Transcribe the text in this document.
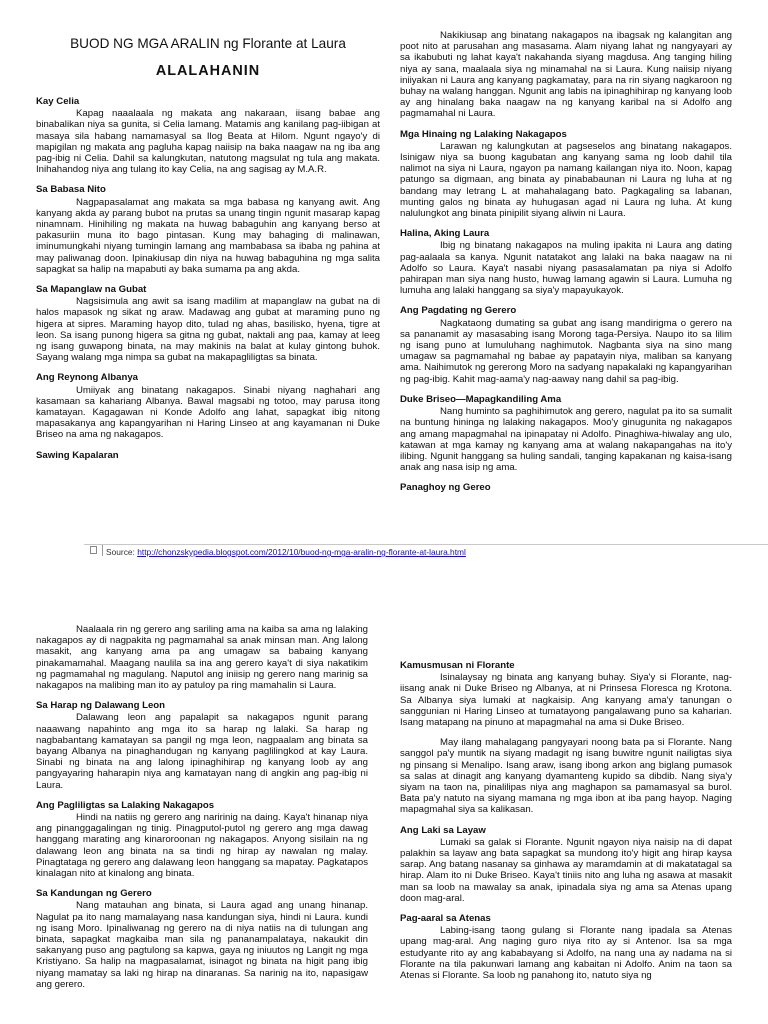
BUOD NG MGA ARALIN ng Florante at Laura
ALALAHANIN
Kay Celia
Kapag naaalaala ng makata ang nakaraan, iisang babae ang binabalikan niya sa gunita, si Celia lamang. Matamis ang kanilang pag-iibigan at masaya sila habang namamasyal sa Ilog Beata at Hilom. Ngunt ngayo'y di mapigilan ng makata ang pagluha kapag naiisip na baka naagaw na ng iba ang pag-ibig ni Celia. Dahil sa kalungkutan, natutong magsulat ng tula ang makata. Inihahandog niya ang tulang ito kay Celia, na ang sagisag ay M.A.R.
Sa Babasa Nito
Nagpapasalamat ang makata sa mga babasa ng kanyang awit. Ang kanyang akda ay parang bubot na prutas sa unang tingin ngunit masarap kapag ninamnam. Hinihiling ng makata na huwag babaguhin ang kanyang berso at pakasuriin muna ito bago pintasan. Kung may bahaging di malinawan, iminumungkahi niyang tumingin lamang ang mambabasa sa ibaba ng pahina at may paliwanag doon. Ipinakiusap din niya na huwag babaguhina ng mga salita sapagkat sa halip na mapabuti ay baka sumama pa ang akda.
Sa Mapanglaw na Gubat
Nagsisimula ang awit sa isang madilim at mapanglaw na gubat na di halos mapasok ng sikat ng araw. Madawag ang gubat at maraming puno ng higera at sipres. Maraming hayop dito, tulad ng ahas, basilisko, hyena, tigre at leon. Sa isang punong higera sa gitna ng gubat, naktali ang paa, kamay at leeg ng isang guwapong binata, na may makinis na balat at kulay gintong buhok. Sayang walang mga nimpa sa gubat na makapagliligtas sa binata.
Ang Reynong Albanya
Umiiyak ang binatang nakagapos. Sinabi niyang naghahari ang kasamaan sa kahariang Albanya. Bawal magsabi ng totoo, may parusa itong kamatayan. Kagagawan ni Konde Adolfo ang lahat, sapagkat ibig nitong mapasakanya ang kapangyarihan ni Haring Linseo at ang kayamanan ni Duke Briseo na ama ng nakagapos.
Sawing Kapalaran
Nakikiusap ang binatang nakagapos na ibagsak ng kalangitan ang poot nito at parusahan ang masasama. Alam niyang lahat ng nangyayari ay sa ikabubuti ng lahat kaya't nakahanda siyang magdusa. Ang tanging hiling niya ay sana, maalaala siya ng minamahal na si Laura. Kung naiisip niyang iniiyakan ni Laura ang kanyang pagkamatay, para na rin siyang nagkaroon ng buhay na walang hanggan. Ngunit ang labis na ipinaghihirap ng kanyang loob ay ang hinalang baka naagaw na ng kanyang karibal na si Adolfo ang pagmamahal ni Laura.
Mga Hinaing ng Lalaking Nakagapos
Larawan ng kalungkutan at pagseselos ang binatang nakagapos. Isinigaw niya sa buong kagubatan ang kanyang sama ng loob dahil tila nalimot na siya ni Laura, ngayon pa namang kailangan niya ito. Noon, kapag patungo sa digmaan, ang binata ay pinababaunan ni Laura ng luha at ng bandang may letrang L at mahahalagang bato. Pagkagaling sa labanan, munting galos ng binata ay huhugasan agad ni Laura ng luha. At kung nalulungkot ang binata pinipilit siyang aliwin ni Laura.
Halina, Aking Laura
Ibig ng binatang nakagapos na muling ipakita ni Laura ang dating pag-aalaala sa kanya. Ngunit natatakot ang lalaki na baka naagaw na ni Adolfo so Laura. Kaya't nasabi niyang pasasalamatan pa niya si Adolfo pahirapan man siya nang husto, huwag lamang agawin si Laura. Lumuha ng lumuha ang lalaki hanggang sa siya'y mapayukayok.
Ang Pagdating ng Gerero
Nagkataong dumating sa gubat ang isang mandirigma o gerero na sa pananamit ay masasabing isang Morong taga-Persiya. Naupo ito sa lilim ng isang puno at lumuluhang naghimutok. Nagbanta siya na sino mang umagaw sa pagmamahal ng babae ay papatayin niya, maliban sa kanyang ama. Naihimutok ng gererong Moro na sadyang napakalaki ng kapangyarihan ng pag-ibig. Kahit mag-aama'y nag-aaway nang dahil sa pag-ibig.
Duke Briseo—Mapagkandiling Ama
Nang huminto sa paghihimutok ang gerero, nagulat pa ito sa sumalit na buntung hininga ng lalaking nakagapos. Moo'y ginugunita ng nakagapos ang amang mapagmahal na ipinapatay ni Adolfo. Pinaghiwa-hiwalay ang ulo, katawan at mga kamay ng kanyang ama at walang nakapangahas na ito'y ilibing. Ngunit hanggang sa huling sandali, tanging kapakanan ng kaisa-isang anak ang nasa isip ng ama.
Panaghoy ng Gereo
Source: http://chonzskypedia.blogspot.com/2012/10/buod-ng-mga-aralin-ng-florante-at-laura.html
Naalaala rin ng gerero ang sariling ama na kaiba sa ama ng lalaking nakagapos ay di nagpakita ng pagmamahal sa anak minsan man. Ang lalong masakit, ang kanyang ama pa ang umagaw sa babaing kanyang pinakamamahal. Maagang naulila sa ina ang gerero kaya't di siya nakatikim ng pagmamahal ng magulang. Naputol ang iniisip ng gerero nang marinig sa nakagapos na malibing man ito ay patuloy pa ring mamahalin si Laura.
Sa Harap ng Dalawang Leon
Dalawang leon ang papalapit sa nakagapos ngunit parang naaawang napahinto ang mga ito sa harap ng lalaki. Sa harap ng nagbabantang kamatayan sa pangil ng mga leon, nagpaalam ang binata sa bayang Albanya na pinaghandugan ng kanyang paglilingkod at kay Laura. Sinabi ng binata na ang lalong ipinaghihirap ng kanyang loob ay ang pangyayaring haharapin niya ang kamatayan nang di angkin ang pag-ibig ni Laura.
Ang Pagliligtas sa Lalaking Nakagapos
Hindi na natiis ng gerero ang naririnig na daing. Kaya't hinanap niya ang pinanggagalingan ng tinig. Pinagputol-putol ng gerero ang mga dawag hanggang marating ang kinaroroonan ng nakagapos. Anyong sisilain na ng dalawang leon ang binata na sa tindi ng hirap ay nawalan ng malay. Pinagtataga ng gerero ang dalawang leon hanggang sa mapatay. Pagkatapos kinalagan nito at kinalong ang binata.
Sa Kandungan ng Gerero
Nang matauhan ang binata, si Laura agad ang unang hinanap. Nagulat pa ito nang mamalayang nasa kandungan siya, hindi ni Laura. kundi ng isang Moro. Ipinaliwanag ng gerero na di niya natiis na di tulungan ang binata, sapagkat magkaiba man sila ng pananampalataya, nakaukit din sakanyang puso ang pagtulong sa kapwa, gaya ng iniuutos ng Langit ng mga Kristiyano. Sa halip na magpasalamat, isinagot ng binata na higit pang ibig niyang mamatay sa laki ng hirap na dinaranas. Sa narinig na ito, napasigaw ang gerero.
Kamusmusan ni Florante
Isinalaysay ng binata ang kanyang buhay. Siya'y si Florante, nag-iisang anak ni Duke Briseo ng Albanya, at ni Prinsesa Floresca ng Krotona. Sa Albanya siya lumaki at nagkaisip. Ang kanyang ama'y tanungan o sanggunian ni Haring Linseo at tumatayong pangalawang puno sa kaharian. Isang matapang na pinuno at mapagmahal na ama si Duke Briseo.
May ilang mahalagang pangyayari noong bata pa si Florante. Nang sanggol pa'y muntik na siyang madagit ng isang buwitre ngunit nailigtas siya ng pinsang si Menalipo. Isang araw, isang ibong arkon ang biglang pumasok sa salas at dinagit ang kanyang dyamanteng kupido sa dibdib. Nang siya'y siyam na taon na, pinalilipas niya ang maghapon sa pamamasyal sa burol. Bata pa'y natuto na siyang mamana ng mga ibon at iba pang hayop. Naging mapagmahal siya sa kalikasan.
Ang Laki sa Layaw
Lumaki sa galak si Florante. Ngunit ngayon niya naisip na di dapat palakhin sa layaw ang bata sapagkat sa mundong ito'y higit ang hirap kaysa sarap. Ang batang nasanay sa ginhawa ay maramdamin at di makatatagal sa hirap. Alam ito ni Duke Briseo. Kaya't tiniis nito ang luha ng asawa at masakit man sa loob na mawalay sa anak, ipinadala siya ng ama sa Atenas upang doon mag-aral.
Pag-aaral sa Atenas
Labing-isang taong gulang si Florante nang ipadala sa Atenas upang mag-aral. Ang naging guro niya rito ay si Antenor. Isa sa mga estudyante rito ay ang kababayang si Adolfo, na nang una ay nadama na si Florante na tila pakunwari lamang ang kabaitan ni Adolfo. Anim na taon sa Atenas si Florante. Sa loob ng panahong ito, natuto siya ng
